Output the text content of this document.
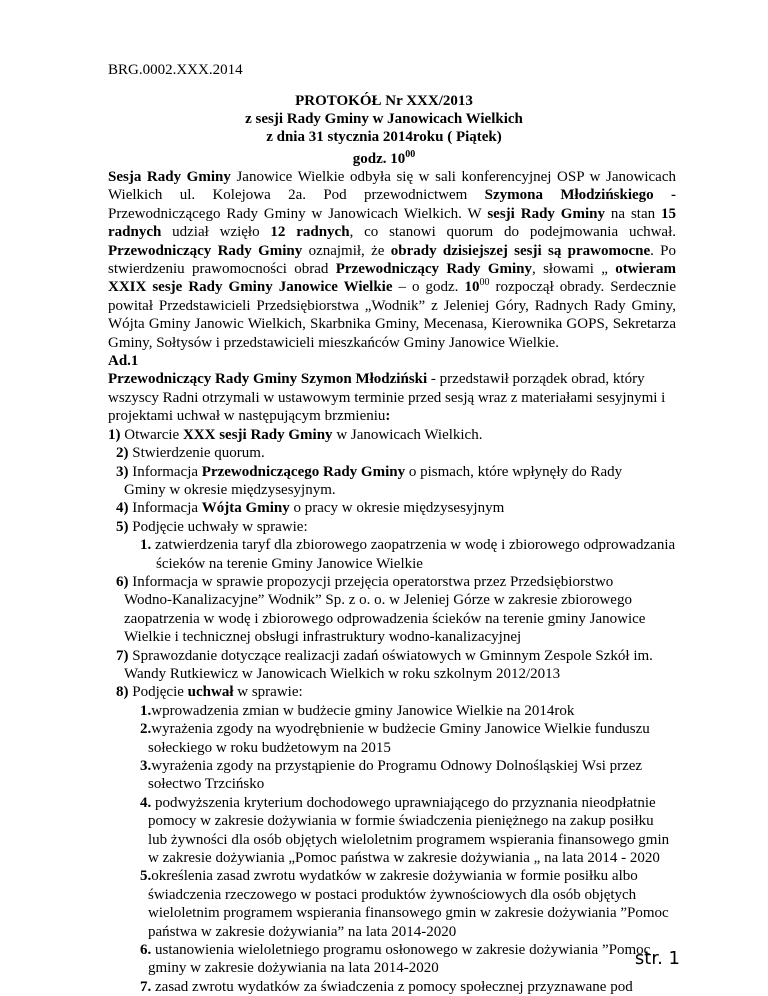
BRG.0002.XXX.2014
PROTOKÓŁ Nr XXX/2013
z sesji Rady Gminy w Janowicach Wielkich
z dnia 31 stycznia 2014roku ( Piątek)
godz. $10^{00}$

Sesja Rady Gminy Janowice Wielkie odbyła się w sali konferencyjnej OSP w Janowicach Wielkich ul. Kolejowa 2a. Pod przewodnictwem Szymona Młodzińskiego - Przewodniczącego Rady Gminy w Janowicach Wielkich. W sesji Rady Gminy na stan 15 radnych udział wzięło 12 radnych, co stanowi quorum do podejmowania uchwał. Przewodniczący Rady Gminy oznajmił, że obrady dzisiejszej sesji są prawomocne. Po stwierdzeniu prawomocności obrad Przewodniczący Rady Gminy, słowami „ otwieram XXIX sesje Rady Gminy Janowice Wielkie – o godz. $10^{00}$ rozpoczął obrady. Serdecznie powitał Przedstawicieli Przedsiębiorstwa „Wodnik” z Jeleniej Góry, Radnych Rady Gminy, Wójta Gminy Janowic Wielkich, Skarbnika Gminy, Mecenasa, Kierownika GOPS, Sekretarza Gminy, Sołtysów i przedstawicieli mieszkańców Gminy Janowice Wielkie.

Ad.1
Przewodniczący Rady Gminy Szymon Młodziński - przedstawił porządek obrad, który
wszyscy Radni otrzymali w ustawowym terminie przed sesją wraz z materiałami sesyjnymi i
projektami uchwał w następującym brzmieniu:
1) Otwarcie XXX sesji Rady Gminy w Janowicach Wielkich.
2) Stwierdzenie quorum.
3) Informacja Przewodniczącego Rady Gminy o pismach, które wpłynęły do Rady
Gminy w okresie międzysesyjnym.
4) Informacja Wójta Gminy o pracy w okresie międzysesyjnym
5) Podjęcie uchwały w sprawie:
1. zatwierdzenia taryf dla zbiorowego zaopatrzenia w wodę i zbiorowego odprowadzania
ścieków na terenie Gminy Janowice Wielkie
6) Informacja w sprawie propozycji przejęcia operatorstwa przez Przedsiębiorstwo
Wodno-Kanalizacyjne” Wodnik” Sp. z o. o. w Jeleniej Górze w zakresie zbiorowego
zaopatrzenia w wodę i zbiorowego odprowadzenia ścieków na terenie gminy Janowice
Wielkie i technicznej obsługi infrastruktury wodno-kanalizacyjnej
7) Sprawozdanie dotyczące realizacji zadań oświatowych w Gminnym Zespole Szkół im.
Wandy Rutkiewicz w Janowicach Wielkich w roku szkolnym 2012/2013
8) Podjęcie uchwał w sprawie:
1.wprowadzenia zmian w budżecie gminy Janowice Wielkie na 2014rok
2.wyrażenia zgody na wyodrębnienie w budżecie Gminy Janowice Wielkie funduszu
sołeckiego w roku budżetowym na 2015
3.wyrażenia zgody na przystąpienie do Programu Odnowy Dolnośląskiej Wsi przez
sołectwo Trzcińsko
4. podwyższenia kryterium dochodowego uprawniającego do przyznania nieodpłatnie
pomocy w zakresie dożywiania w formie świadczenia pieniężnego na zakup posiłku
lub żywności dla osób objętych wieloletnim programem wspierania finansowego gmin
w zakresie dożywiania „Pomoc państwa w zakresie dożywiania „ na lata 2014 - 2020
5.określenia zasad zwrotu wydatków w zakresie dożywiania w formie posiłku albo
świadczenia rzeczowego w postaci produktów żywnościowych dla osób objętych
wieloletnim programem wspierania finansowego gmin w zakresie dożywiania ”Pomoc
państwa w zakresie dożywiania” na lata 2014-2020
6. ustanowienia wieloletniego programu osłonowego w zakresie dożywiania ”Pomoc
gminy w zakresie dożywiania na lata 2014-2020
7. zasad zwrotu wydatków za świadczenia z pomocy społecznej przyznawane pod
str. 1
